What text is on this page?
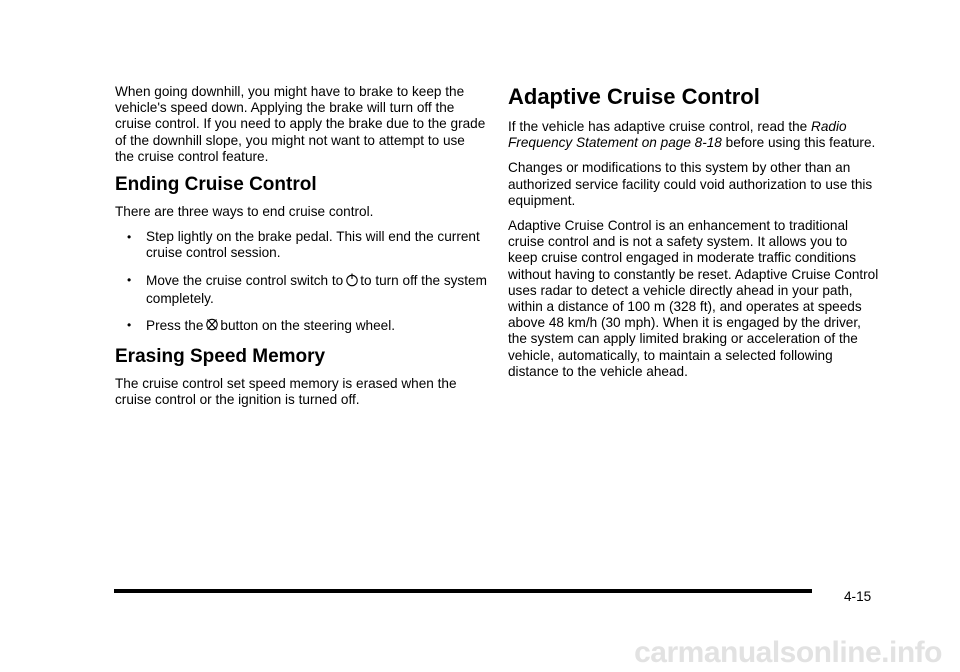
When going downhill, you might have to brake to keep the vehicle's speed down. Applying the brake will turn off the cruise control. If you need to apply the brake due to the grade of the downhill slope, you might not want to attempt to use the cruise control feature.

Ending Cruise Control

There are three ways to end cruise control.

• Step lightly on the brake pedal. This will end the current cruise control session.
• Move the cruise control switch to to turn off the system completely.
• Press the button on the steering wheel.
Erasing Speed Memory

The cruise control set speed memory is erased when the cruise control or the ignition is turned off.

Adaptive Cruise Control

If the vehicle has adaptive cruise control, read the Radio Frequency Statement on page 8-18 before using this feature.

Changes or modifications to this system by other than an authorized service facility could void authorization to use this equipment.

Adaptive Cruise Control is an enhancement to traditional cruise control and is not a safety system. It allows you to keep cruise control engaged in moderate traffic conditions without having to constantly be reset. Adaptive Cruise Control uses radar to detect a vehicle directly ahead in your path, within a distance of 100 m (328 ft), and operates at speeds above 48 km/h (30 mph). When it is engaged by the driver, the system can apply limited braking or acceleration of the vehicle, automatically, to maintain a selected following distance to the vehicle ahead.

4-15
carmanualsonline.info
